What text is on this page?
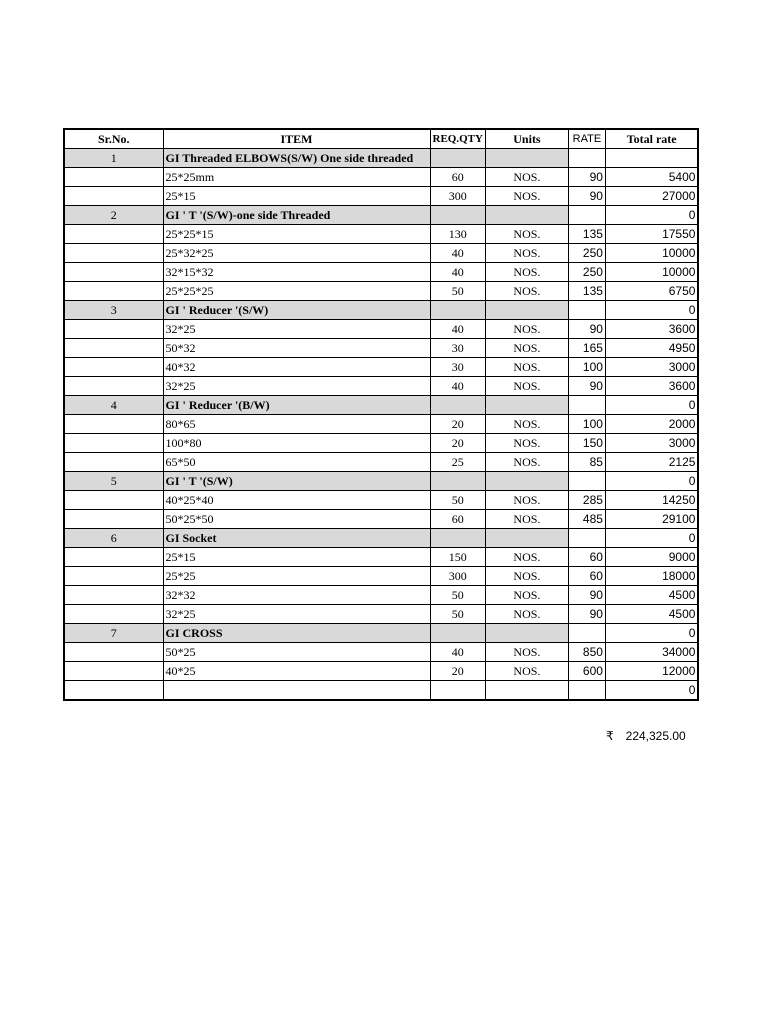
Sr.No.	ITEM	REQ.QTY	Units	RATE	Total rate
1	GI Threaded ELBOWS(S/W) One side threaded				
	25*25mm	60	NOS.	90	5400
	25*15	300	NOS.	90	27000
2	GI ' T '(S/W)-one side Threaded				0
	25*25*15	130	NOS.	135	17550
	25*32*25	40	NOS.	250	10000
	32*15*32	40	NOS.	250	10000
	25*25*25	50	NOS.	135	6750
3	GI ' Reducer '(S/W)				0
	32*25	40	NOS.	90	3600
	50*32	30	NOS.	165	4950
	40*32	30	NOS.	100	3000
	32*25	40	NOS.	90	3600
4	GI ' Reducer '(B/W)				0
	80*65	20	NOS.	100	2000
	100*80	20	NOS.	150	3000
	65*50	25	NOS.	85	2125
5	GI ' T '(S/W)				0
	40*25*40	50	NOS.	285	14250
	50*25*50	60	NOS.	485	29100
6	GI Socket				0
	25*15	150	NOS.	60	9000
	25*25	300	NOS.	60	18000
	32*32	50	NOS.	90	4500
	32*25	50	NOS.	90	4500
7	GI CROSS				0
	50*25	40	NOS.	850	34000
	40*25	20	NOS.	600	12000
					0
₹ 224,325.00
